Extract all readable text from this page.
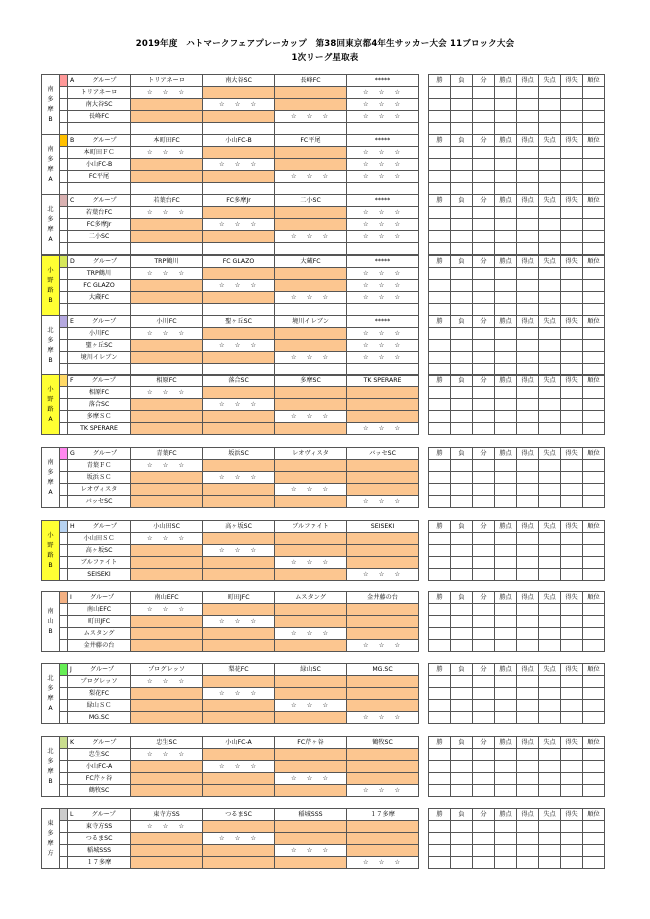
2019年度　ハトマークフェアプレーカップ　第38回東京都4年生サッカー大会 11ブロック大会
1次リーグ星取表
南
多
摩
B		A グループ	トリアネーロ	南大谷SC	長峰FC	*****		勝	負	分	勝点	得点	失点	得失	順位
		トリアネーロ	☆　☆　☆			☆　☆　☆									
		南大谷SC		☆　☆　☆		☆　☆　☆									
		長峰FC			☆　☆　☆	☆　☆　☆									

南
多
摩
A		B グループ	本町田FC	小山FC-B	FC平尾	*****		勝	負	分	勝点	得点	失点	得失	順位
		本町田ＦＣ	☆　☆　☆			☆　☆　☆									
		小山FC-B		☆　☆　☆		☆　☆　☆									
		FC平尾			☆　☆　☆	☆　☆　☆									

北
多
摩
A		C グループ	若葉台FC	FC多摩Jr	二小SC	*****		勝	負	分	勝点	得点	失点	得失	順位
		若葉台FC	☆　☆　☆			☆　☆　☆									
		FC多摩Jr		☆　☆　☆		☆　☆　☆									
		二小SC			☆　☆　☆	☆　☆　☆									

小
野
路
B		D グループ	TRP鶴川	FC GLAZO	大蔵FC	*****		勝	負	分	勝点	得点	失点	得失	順位
		TRP鶴川	☆　☆　☆			☆　☆　☆									
		FC GLAZO		☆　☆　☆		☆　☆　☆									
		大蔵FC			☆　☆　☆	☆　☆　☆									

北
多
摩
B		E グループ	小川FC	聖ヶ丘SC	境川イレブン	*****		勝	負	分	勝点	得点	失点	得失	順位
		小川FC	☆　☆　☆			☆　☆　☆									
		聖ヶ丘SC		☆　☆　☆		☆　☆　☆									
		境川イレブン			☆　☆　☆	☆　☆　☆									

小
野
路
A		F グループ	相原FC	落合SC	多摩SC	TK SPERARE		勝	負	分	勝点	得点	失点	得失	順位
		相原FC	☆　☆　☆												
		落合SC		☆　☆　☆											
		多摩ＳＣ			☆　☆　☆										
		TK SPERARE				☆　☆　☆									
南
多
摩
A		G グループ	青葉FC	坂浜SC	レオヴィスタ	バッセSC		勝	負	分	勝点	得点	失点	得失	順位
		青葉ＦＣ	☆　☆　☆												
		坂浜ＳＣ		☆　☆　☆											
		レオヴィスタ			☆　☆　☆										
		バッセSC				☆　☆　☆									
小
野
路
B		H グループ	小山田SC	高ヶ坂SC	ブルファイト	SEISEKI		勝	負	分	勝点	得点	失点	得失	順位
		小山田ＳＣ	☆　☆　☆												
		高ヶ坂SC		☆　☆　☆											
		ブルファイト			☆　☆　☆										
		SEISEKI				☆　☆　☆									
南
山
B		I グループ	南山EFC	町田JFC	ムスタング	金井藤の台		勝	負	分	勝点	得点	失点	得失	順位
		南山EFC	☆　☆　☆												
		町田JFC		☆　☆　☆											
		ムスタング			☆　☆　☆										
		金井藤の台				☆　☆　☆									
北
多
摩
A		J グループ	プログレッソ	梨花FC	緑山SC	MG.SC		勝	負	分	勝点	得点	失点	得失	順位
		プログレッソ	☆　☆　☆												
		梨花FC		☆　☆　☆											
		緑山ＳＣ			☆　☆　☆										
		MG.SC				☆　☆　☆									
北
多
摩
B		K グループ	忠生SC	小山FC-A	FC芹ヶ谷	鶴牧SC		勝	負	分	勝点	得点	失点	得失	順位
		忠生SC	☆　☆　☆												
		小山FC-A		☆　☆　☆											
		FC芹ヶ谷			☆　☆　☆										
		鶴牧SC				☆　☆　☆									
東
多
摩
方		L グループ	東寺方SS	つるまSC	稲城SSS	１７多摩		勝	負	分	勝点	得点	失点	得失	順位
		東寺方SS	☆　☆　☆												
		つるまSC		☆　☆　☆											
		稲城SSS			☆　☆　☆										
		１７多摩				☆　☆　☆									
